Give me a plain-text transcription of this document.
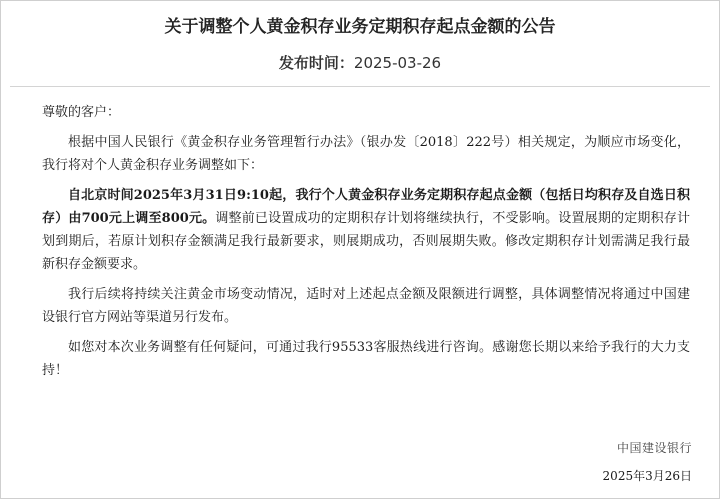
关于调整个人黄金积存业务定期积存起点金额的公告
发布时间：2025-03-26

尊敬的客户：

根据中国人民银行《黄金积存业务管理暂行办法》（银办发〔2018〕222号）相关规定，为顺应市场变化，我行将对个人黄金积存业务调整如下：

自北京时间2025年3月31日9:10起，我行个人黄金积存业务定期积存起点金额（包括日均积存及自选日积存）由700元上调至800元。调整前已设置成功的定期积存计划将继续执行，不受影响。设置展期的定期积存计划到期后，若原计划积存金额满足我行最新要求，则展期成功，否则展期失败。修改定期积存计划需满足我行最新积存金额要求。

我行后续将持续关注黄金市场变动情况，适时对上述起点金额及限额进行调整，具体调整情况将通过中国建设银行官方网站等渠道另行发布。

如您对本次业务调整有任何疑问，可通过我行95533客服热线进行咨询。感谢您长期以来给予我行的大力支持！

中国建设银行
2025年3月26日
